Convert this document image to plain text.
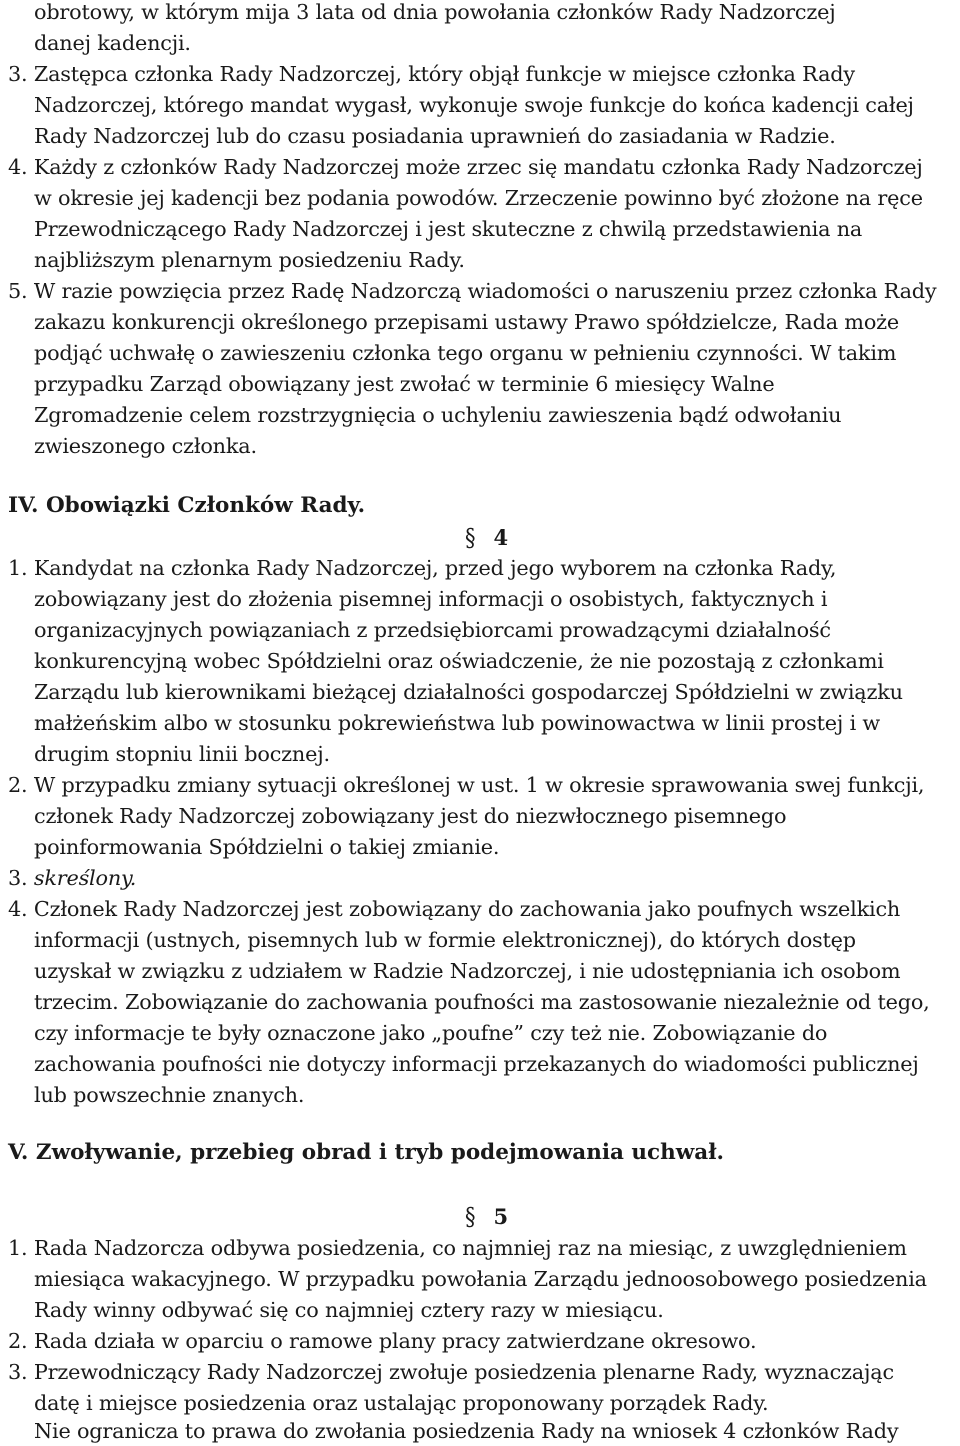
obrotowy, w którym mija 3 lata od dnia powołania członków Rady Nadzorczej

danej kadencji.

3. Zastępca członka Rady Nadzorczej, który objął funkcje w miejsce członka Rady

Nadzorczej, którego mandat wygasł, wykonuje swoje funkcje do końca kadencji całej

Rady Nadzorczej lub do czasu posiadania uprawnień do zasiadania w Radzie.

4. Każdy z członków Rady Nadzorczej może zrzec się mandatu członka Rady Nadzorczej

w okresie jej kadencji bez podania powodów. Zrzeczenie powinno być złożone na ręce

Przewodniczącego Rady Nadzorczej i jest skuteczne z chwilą przedstawienia na

najbliższym plenarnym posiedzeniu Rady.

5. W razie powzięcia przez Radę Nadzorczą wiadomości o naruszeniu przez członka Rady

zakazu konkurencji określonego przepisami ustawy Prawo spółdzielcze, Rada może

podjąć uchwałę o zawieszeniu członka tego organu w pełnieniu czynności. W takim

przypadku Zarząd obowiązany jest zwołać w terminie 6 miesięcy Walne

Zgromadzenie celem rozstrzygnięcia o uchyleniu zawieszenia bądź odwołaniu

zwieszonego członka.

IV. Obowiązki Członków Rady.

§ 4

1. Kandydat na członka Rady Nadzorczej, przed jego wyborem na członka Rady,

zobowiązany jest do złożenia pisemnej informacji o osobistych, faktycznych i

organizacyjnych powiązaniach z przedsiębiorcami prowadzącymi działalność

konkurencyjną wobec Spółdzielni oraz oświadczenie, że nie pozostają z członkami

Zarządu lub kierownikami bieżącej działalności gospodarczej Spółdzielni w związku

małżeńskim albo w stosunku pokrewieństwa lub powinowactwa w linii prostej i w

drugim stopniu linii bocznej.

2. W przypadku zmiany sytuacji określonej w ust. 1 w okresie sprawowania swej funkcji,

członek Rady Nadzorczej zobowiązany jest do niezwłocznego pisemnego

poinformowania Spółdzielni o takiej zmianie.

3. skreślony.

4. Członek Rady Nadzorczej jest zobowiązany do zachowania jako poufnych wszelkich

informacji (ustnych, pisemnych lub w formie elektronicznej), do których dostęp

uzyskał w związku z udziałem w Radzie Nadzorczej, i nie udostępniania ich osobom

trzecim. Zobowiązanie do zachowania poufności ma zastosowanie niezależnie od tego,

czy informacje te były oznaczone jako „poufne” czy też nie. Zobowiązanie do

zachowania poufności nie dotyczy informacji przekazanych do wiadomości publicznej

lub powszechnie znanych.

V. Zwoływanie, przebieg obrad i tryb podejmowania uchwał.

§ 5

1. Rada Nadzorcza odbywa posiedzenia, co najmniej raz na miesiąc, z uwzględnieniem

miesiąca wakacyjnego. W przypadku powołania Zarządu jednoosobowego posiedzenia

Rady winny odbywać się co najmniej cztery razy w miesiącu.

2. Rada działa w oparciu o ramowe plany pracy zatwierdzane okresowo.

3. Przewodniczący Rady Nadzorczej zwołuje posiedzenia plenarne Rady, wyznaczając

datę i miejsce posiedzenia oraz ustalając proponowany porządek Rady.

Nie ogranicza to prawa do zwołania posiedzenia Rady na wniosek 4 członków Rady
